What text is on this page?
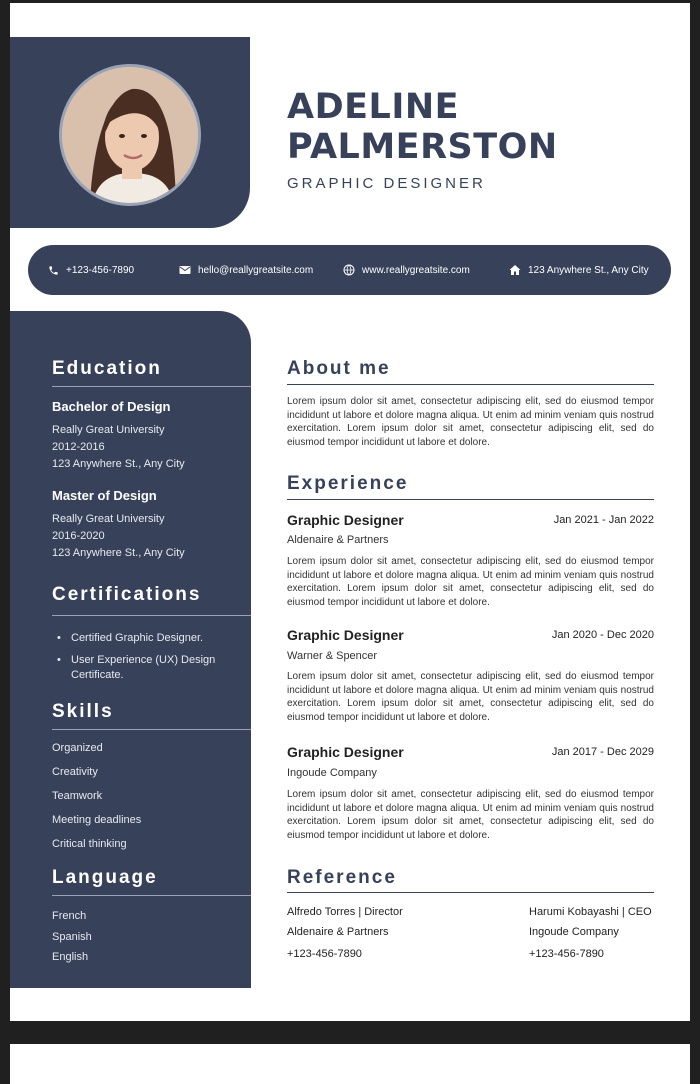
ADELINE
PALMERSTON
GRAPHIC DESIGNER
+123-456-7890	hello@reallygreatsite.com	www.reallygreatsite.com	123 Anywhere St., Any City
Education
Bachelor of Design
Really Great University
2012-2016
123 Anywhere St., Any City
Master of Design
Really Great University
2016-2020
123 Anywhere St., Any City
Certifications
• Certified Graphic Designer.
• User Experience (UX) Design Certificate.
Skills
Organized
Creativity
Teamwork
Meeting deadlines
Critical thinking
Language
French
Spanish
English
About me

Lorem ipsum dolor sit amet, consectetur adipiscing elit, sed do eiusmod tempor incididunt ut labore et dolore magna aliqua. Ut enim ad minim veniam quis nostrud exercitation. Lorem ipsum dolor sit amet, consectetur adipiscing elit, sed do eiusmod tempor incididunt ut labore et dolore.

Experience
Graphic Designer	Jan 2021 - Jan 2022
Aldenaire & Partners

Lorem ipsum dolor sit amet, consectetur adipiscing elit, sed do eiusmod tempor incididunt ut labore et dolore magna aliqua. Ut enim ad minim veniam quis nostrud exercitation. Lorem ipsum dolor sit amet, consectetur adipiscing elit, sed do eiusmod tempor incididunt ut labore et dolore.

Graphic Designer	Jan 2020 - Dec 2020
Warner & Spencer

Lorem ipsum dolor sit amet, consectetur adipiscing elit, sed do eiusmod tempor incididunt ut labore et dolore magna aliqua. Ut enim ad minim veniam quis nostrud exercitation. Lorem ipsum dolor sit amet, consectetur adipiscing elit, sed do eiusmod tempor incididunt ut labore et dolore.

Graphic Designer	Jan 2017 - Dec 2029
Ingoude Company

Lorem ipsum dolor sit amet, consectetur adipiscing elit, sed do eiusmod tempor incididunt ut labore et dolore magna aliqua. Ut enim ad minim veniam quis nostrud exercitation. Lorem ipsum dolor sit amet, consectetur adipiscing elit, sed do eiusmod tempor incididunt ut labore et dolore.

Reference
Alfredo Torres | Director
Aldenaire & Partners
+123-456-7890
Harumi Kobayashi | CEO
Ingoude Company
+123-456-7890
